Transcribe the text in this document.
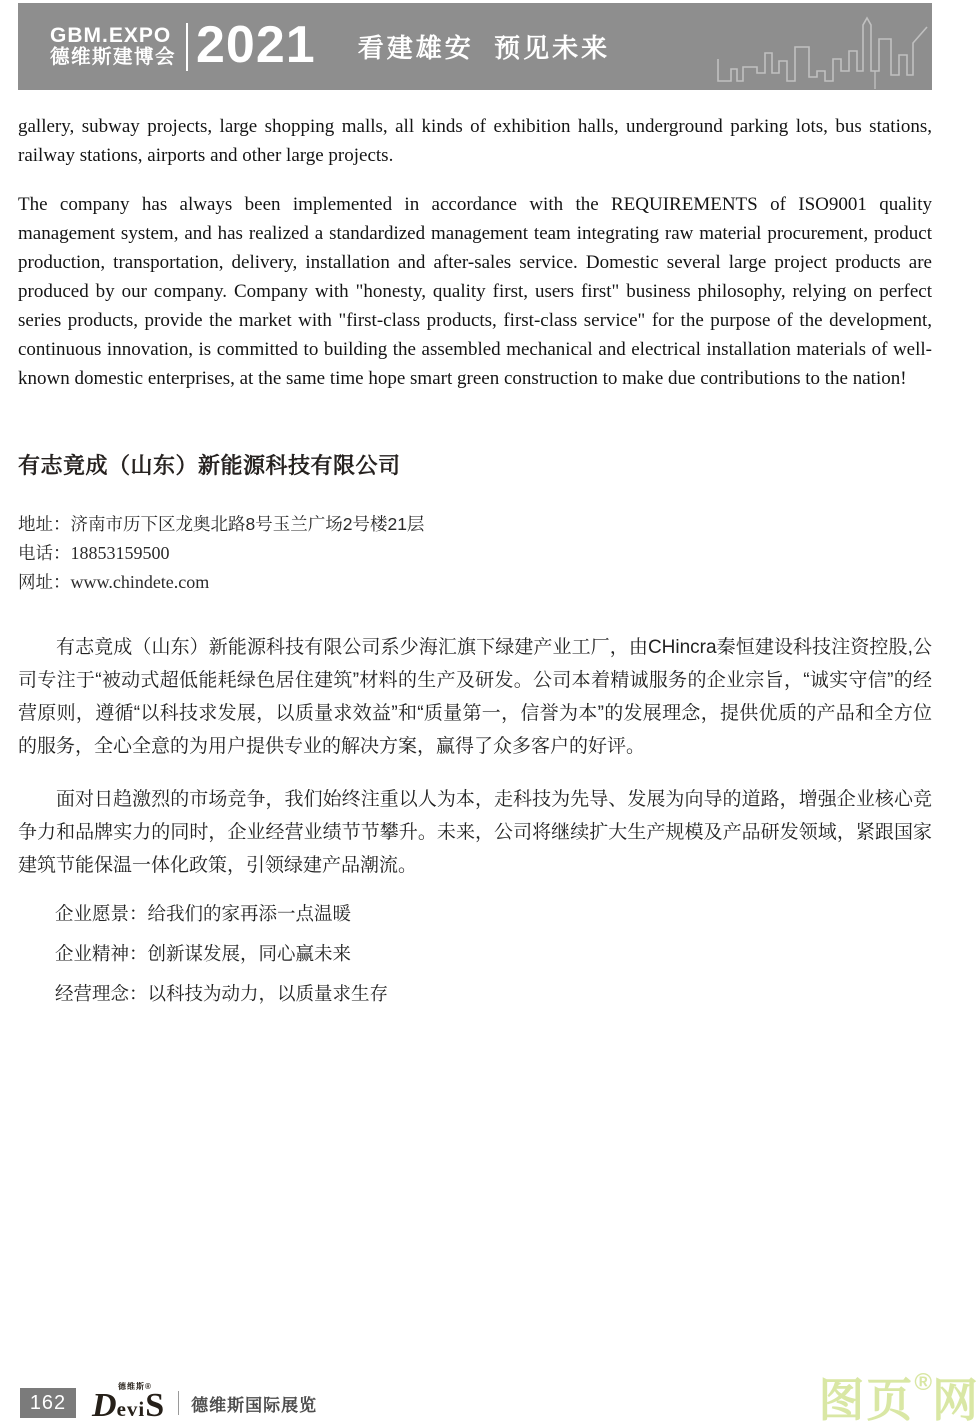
GBM.EXPO
德维斯建博会 2021 看建雄安  预见未来

gallery, subway projects, large shopping malls, all kinds of exhibition halls, underground parking lots, bus stations, railway stations, airports and other large projects.

The company has always been implemented in accordance with the REQUIREMENTS of ISO9001 quality management system, and has realized a standardized management team integrating raw material procurement, product production, transportation, delivery, installation and after-sales service. Domestic several large project products are produced by our company. Company with "honesty, quality first, users first" business philosophy, relying on perfect series products, provide the market with "first-class products, first-class service" for the purpose of the development, continuous innovation, is committed to building the assembled mechanical and electrical installation materials of well-known domestic enterprises, at the same time hope smart green construction to make due contributions to the nation!

有志竟成（山东）新能源科技有限公司
地址：济南市历下区龙奥北路8号玉兰广场2号楼21层
电话：18853159500
网址：www.chindete.com

有志竟成（山东）新能源科技有限公司系少海汇旗下绿建产业工厂，由CHincra秦恒建设科技注资控股,公司专注于“被动式超低能耗绿色居住建筑”材料的生产及研发。公司本着精诚服务的企业宗旨，“诚实守信”的经营原则，遵循“以科技求发展，以质量求效益”和“质量第一，信誉为本”的发展理念，提供优质的产品和全方位的服务，全心全意的为用户提供专业的解决方案，赢得了众多客户的好评。

面对日趋激烈的市场竞争，我们始终注重以人为本，走科技为先导、发展为向导的道路，增强企业核心竞争力和品牌实力的同时，企业经营业绩节节攀升。未来，公司将继续扩大生产规模及产品研发领域，紧跟国家建筑节能保温一体化政策，引领绿建产品潮流。

企业愿景：给我们的家再添一点温暖
企业精神：创新谋发展，同心赢未来
经营理念：以科技为动力，以质量求生存
162
德维斯®
D evi S 德维斯国际展览	图页®网
